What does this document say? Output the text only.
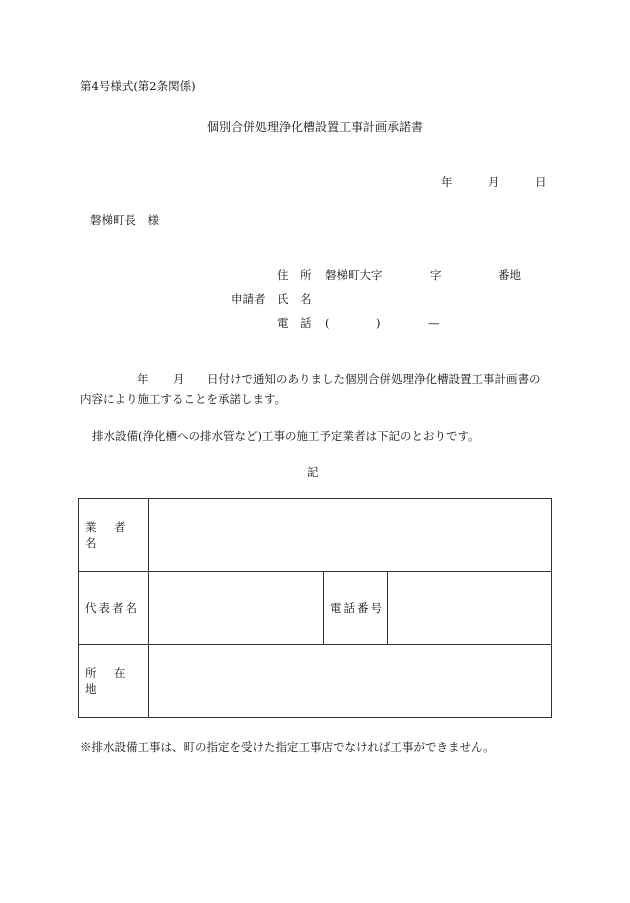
第4号様式(第2条関係)
個別合併処理浄化槽設置工事計画承諾書
年	月	日
磐梯町長　様
住　所 磐梯町大字	字	番地
申請者 氏　名
電　話 (	)	—
年 月 日付けで通知のありました個別合併処理浄化槽設置工事計画書の
内容により施工することを承諾します。
排水設備(浄化槽への排水管など)工事の施工予定業者は下記のとおりです。
記
業　者　名			
代表者名		電話番号	
所　在　地			
※排水設備工事は、町の指定を受けた指定工事店でなければ工事ができません。
